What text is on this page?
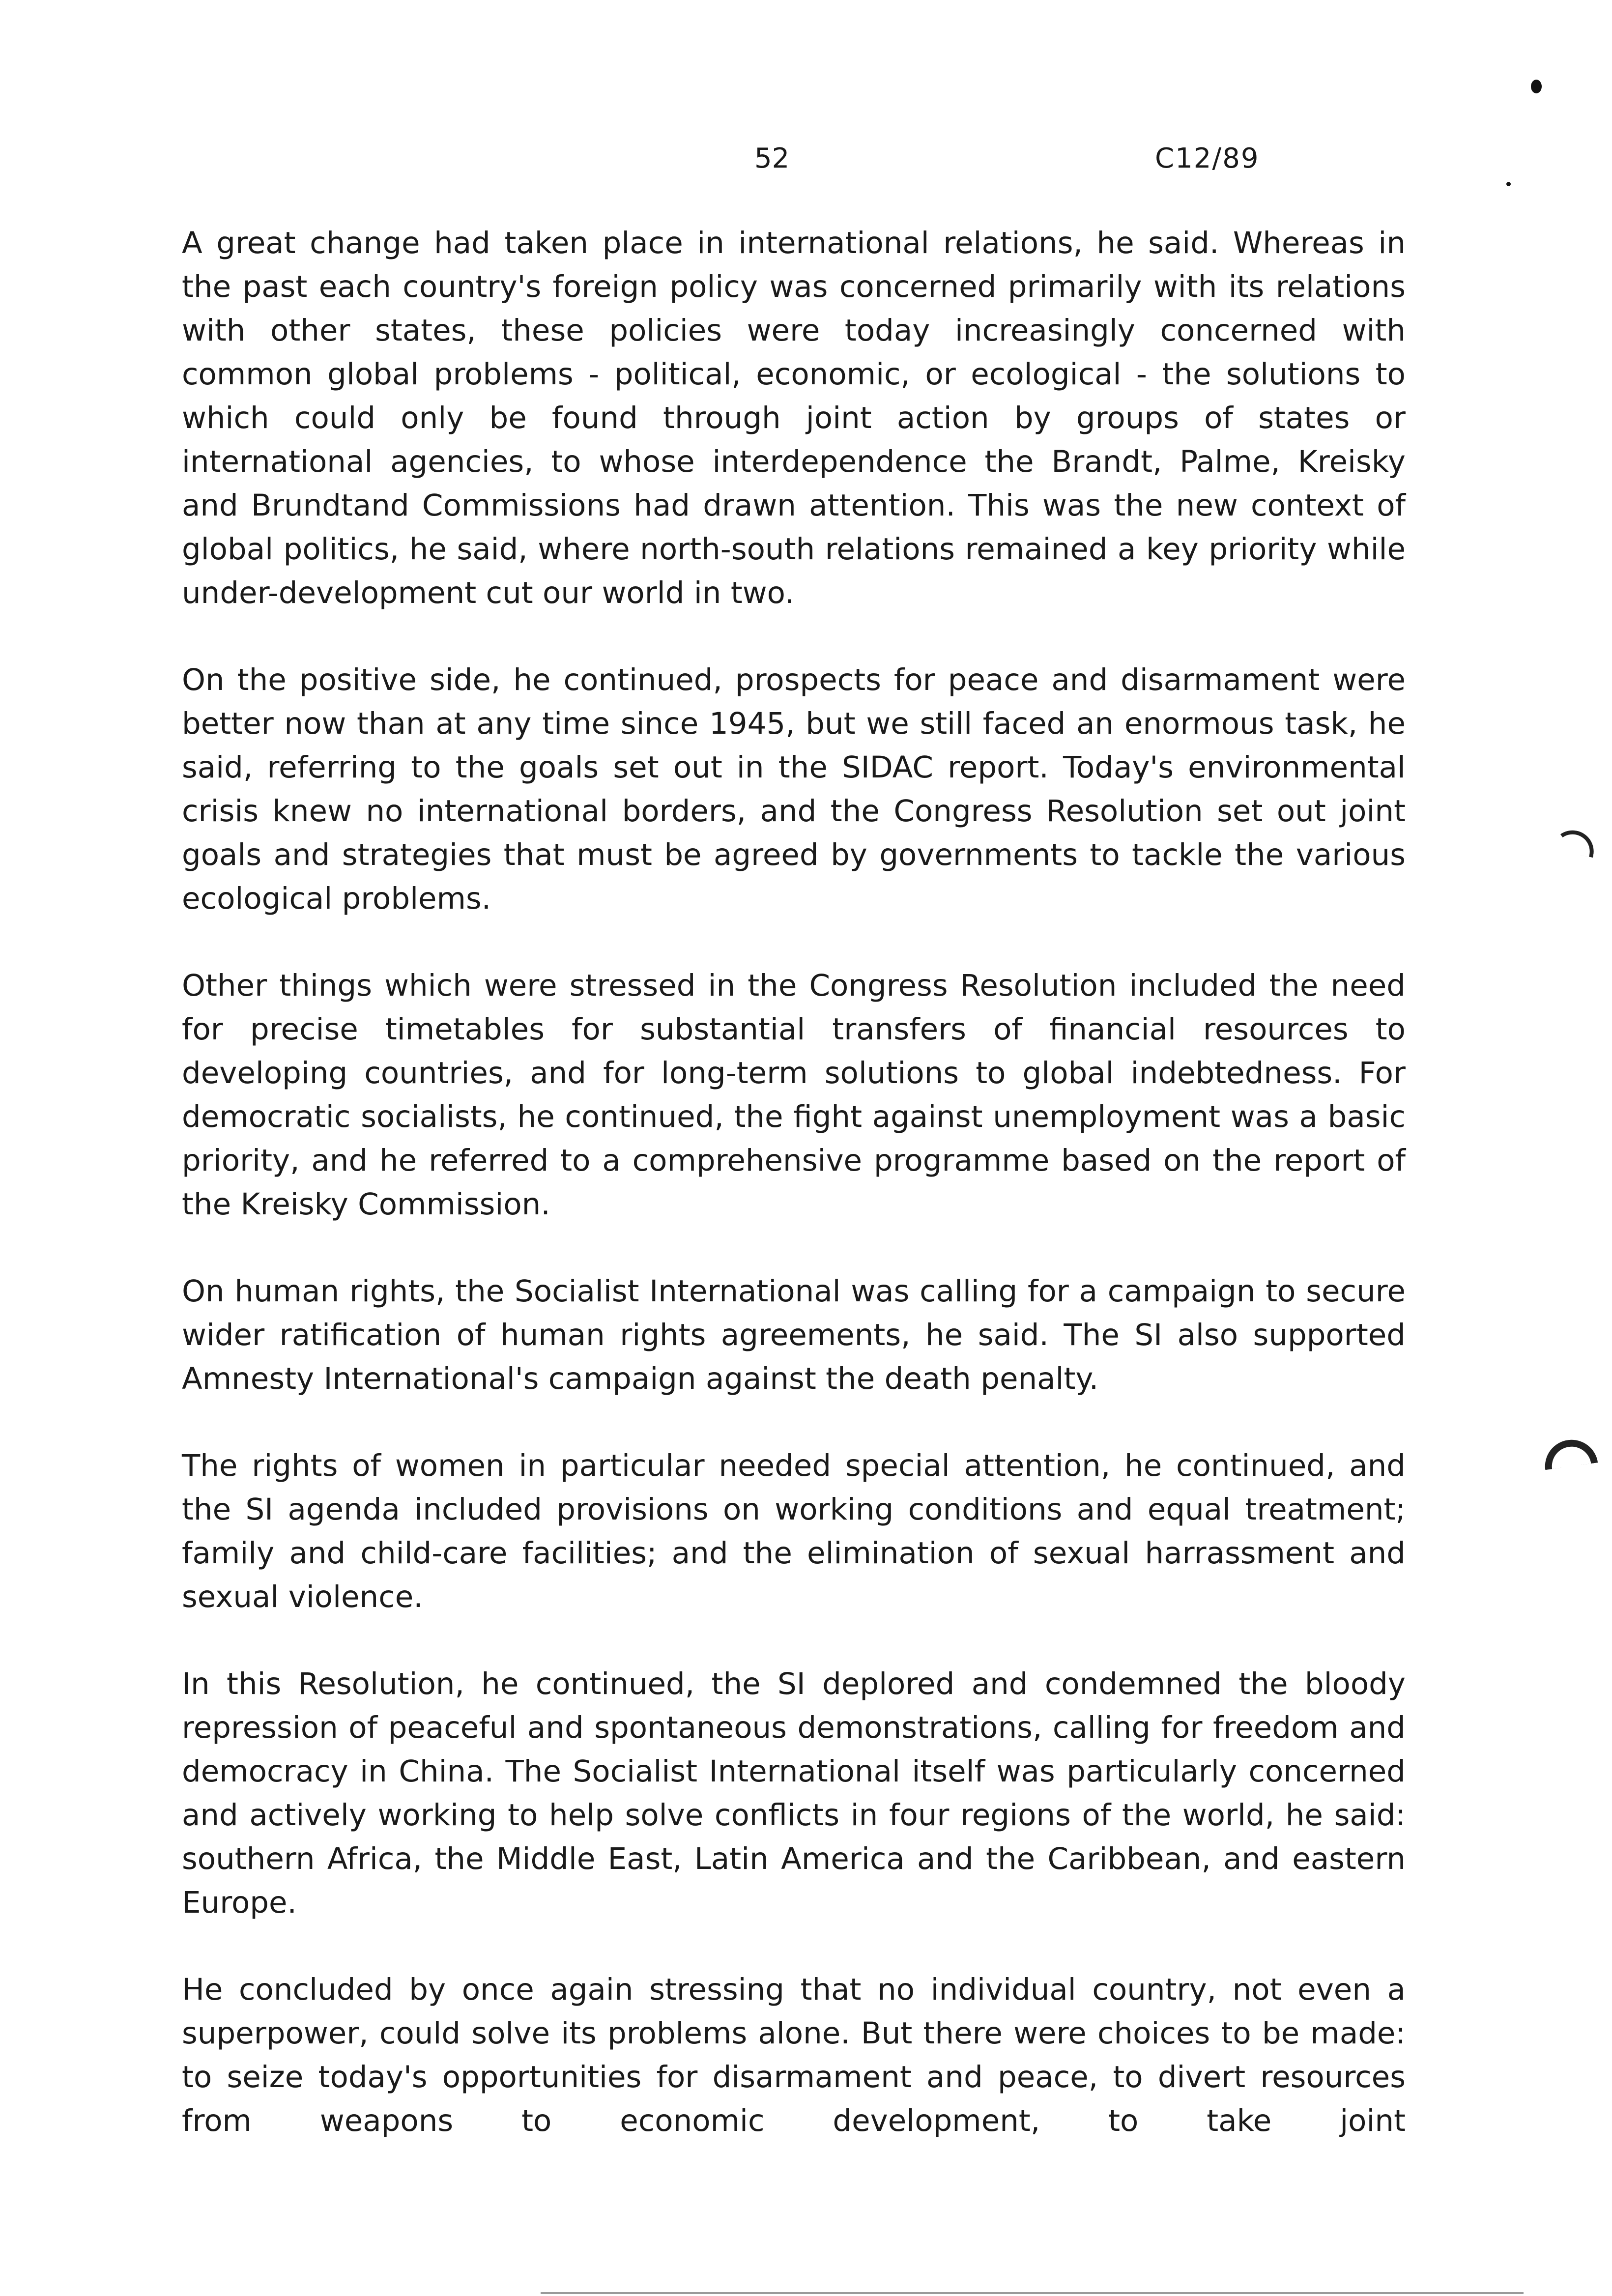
52	C12/89

A great change had taken place in international relations, he said. Whereas in the past each country's foreign policy was concerned primarily with its relations with other states, these policies were today increasingly concerned with common global problems - political, economic, or ecological - the solutions to which could only be found through joint action by groups of states or international agencies, to whose interdependence the Brandt, Palme, Kreisky and Brundtand Commissions had drawn attention. This was the new context of global politics, he said, where north-south relations remained a key priority while under-development cut our world in two.

On the positive side, he continued, prospects for peace and disarmament were better now than at any time since 1945, but we still faced an enormous task, he said, referring to the goals set out in the SIDAC report. Today's environmental crisis knew no international borders, and the Congress Resolution set out joint goals and strategies that must be agreed by governments to tackle the various ecological problems.

Other things which were stressed in the Congress Resolution included the need for precise timetables for substantial transfers of financial resources to developing countries, and for long-term solutions to global indebtedness. For democratic socialists, he continued, the fight against unemployment was a basic priority, and he referred to a comprehensive programme based on the report of the Kreisky Commission.

On human rights, the Socialist International was calling for a campaign to secure wider ratification of human rights agreements, he said. The SI also supported Amnesty International's campaign against the death penalty.

The rights of women in particular needed special attention, he continued, and the SI agenda included provisions on working conditions and equal treatment; family and child-care facilities; and the elimination of sexual harrassment and sexual violence.

In this Resolution, he continued, the SI deplored and condemned the bloody repression of peaceful and spontaneous demonstrations, calling for freedom and democracy in China. The Socialist International itself was particularly concerned and actively working to help solve conflicts in four regions of the world, he said: southern Africa, the Middle East, Latin America and the Caribbean, and eastern Europe.

He concluded by once again stressing that no individual country, not even a superpower, could solve its problems alone. But there were choices to be made: to seize today's opportunities for disarmament and peace, to divert resources from weapons to economic development, to take joint
